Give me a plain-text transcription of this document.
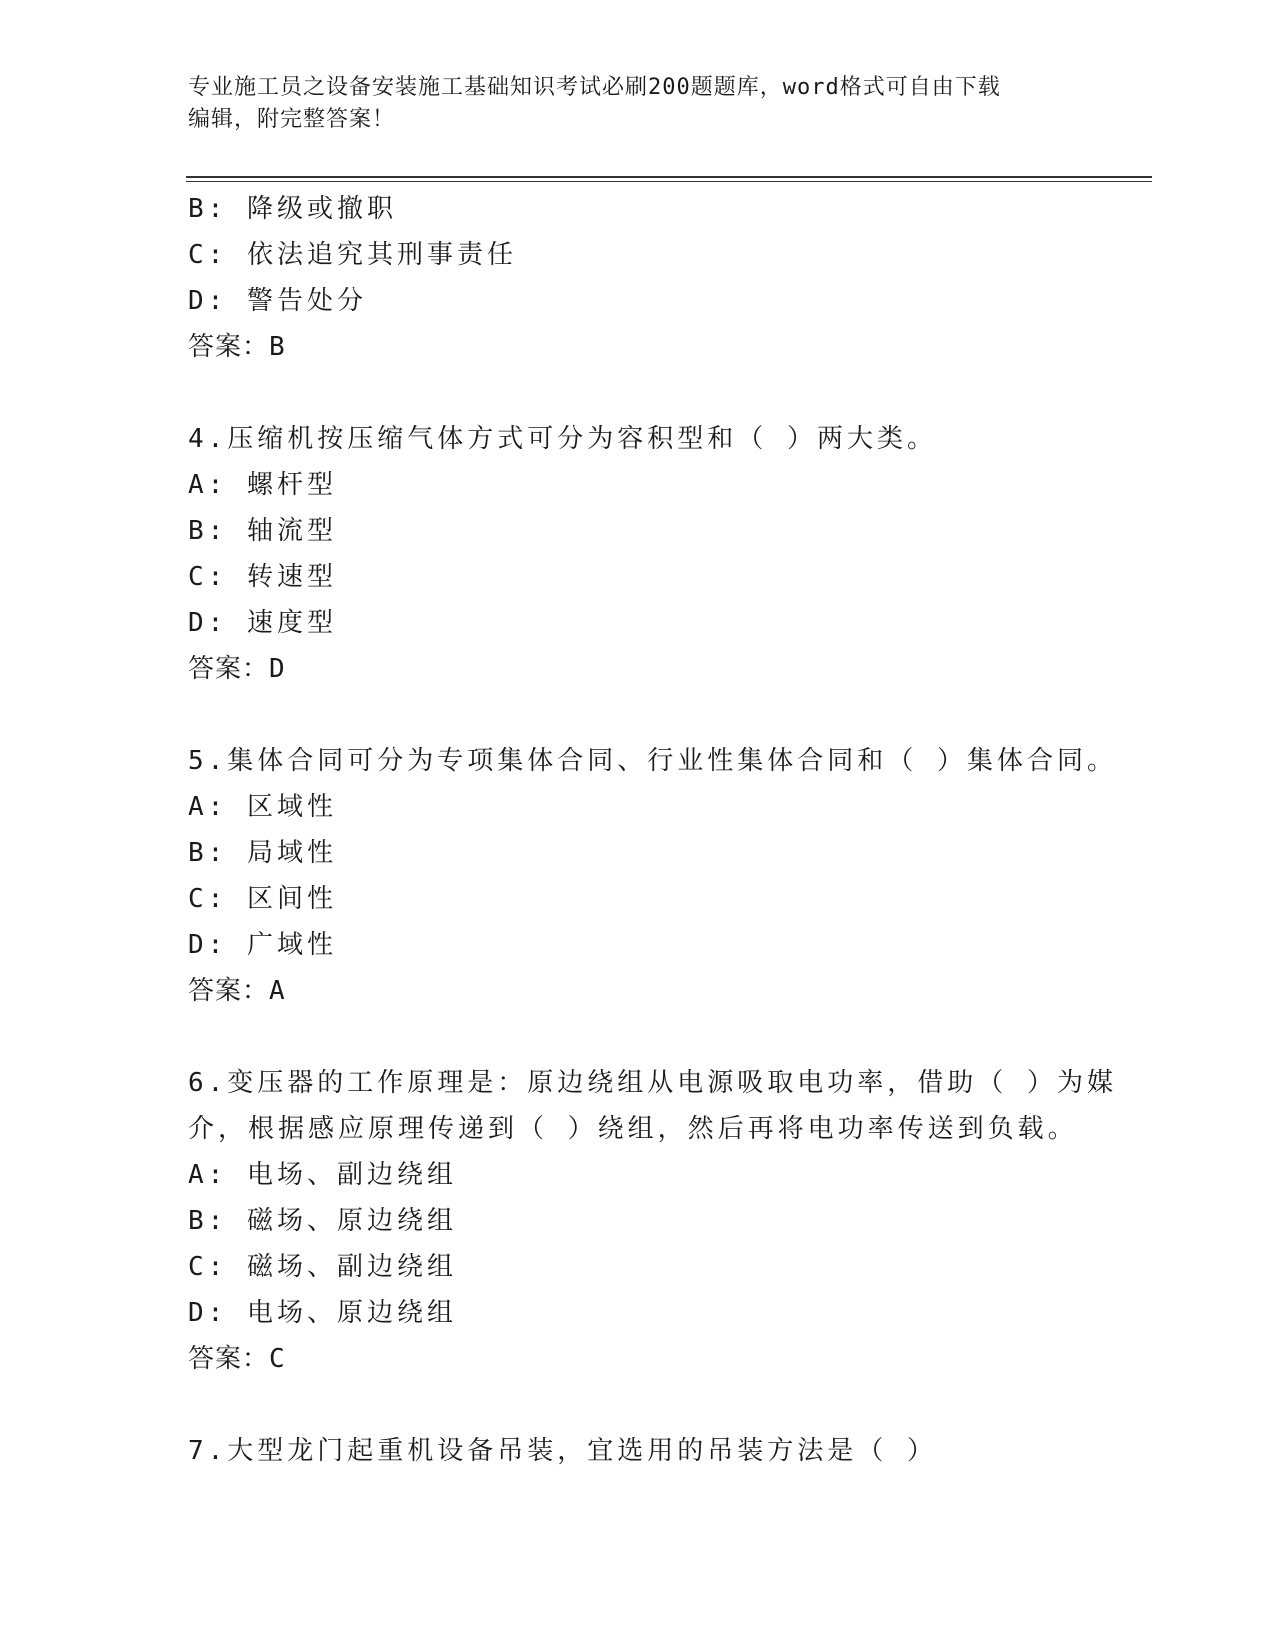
专业施工员之设备安装施工基础知识考试必刷200题题库，word格式可自由下载
编辑，附完整答案！
B: 降级或撤职
C: 依法追究其刑事责任
D: 警告处分
答案：B
4.压缩机按压缩气体方式可分为容积型和（ ）两大类。
A: 螺杆型
B: 轴流型
C: 转速型
D: 速度型
答案：D
5.集体合同可分为专项集体合同、行业性集体合同和（ ）集体合同。
A: 区域性
B: 局域性
C: 区间性
D: 广域性
答案：A
6.变压器的工作原理是：原边绕组从电源吸取电功率，借助（ ）为媒
介，根据感应原理传递到（ ）绕组，然后再将电功率传送到负载。
A: 电场、副边绕组
B: 磁场、原边绕组
C: 磁场、副边绕组
D: 电场、原边绕组
答案：C
7.大型龙门起重机设备吊装，宜选用的吊装方法是（ ）
